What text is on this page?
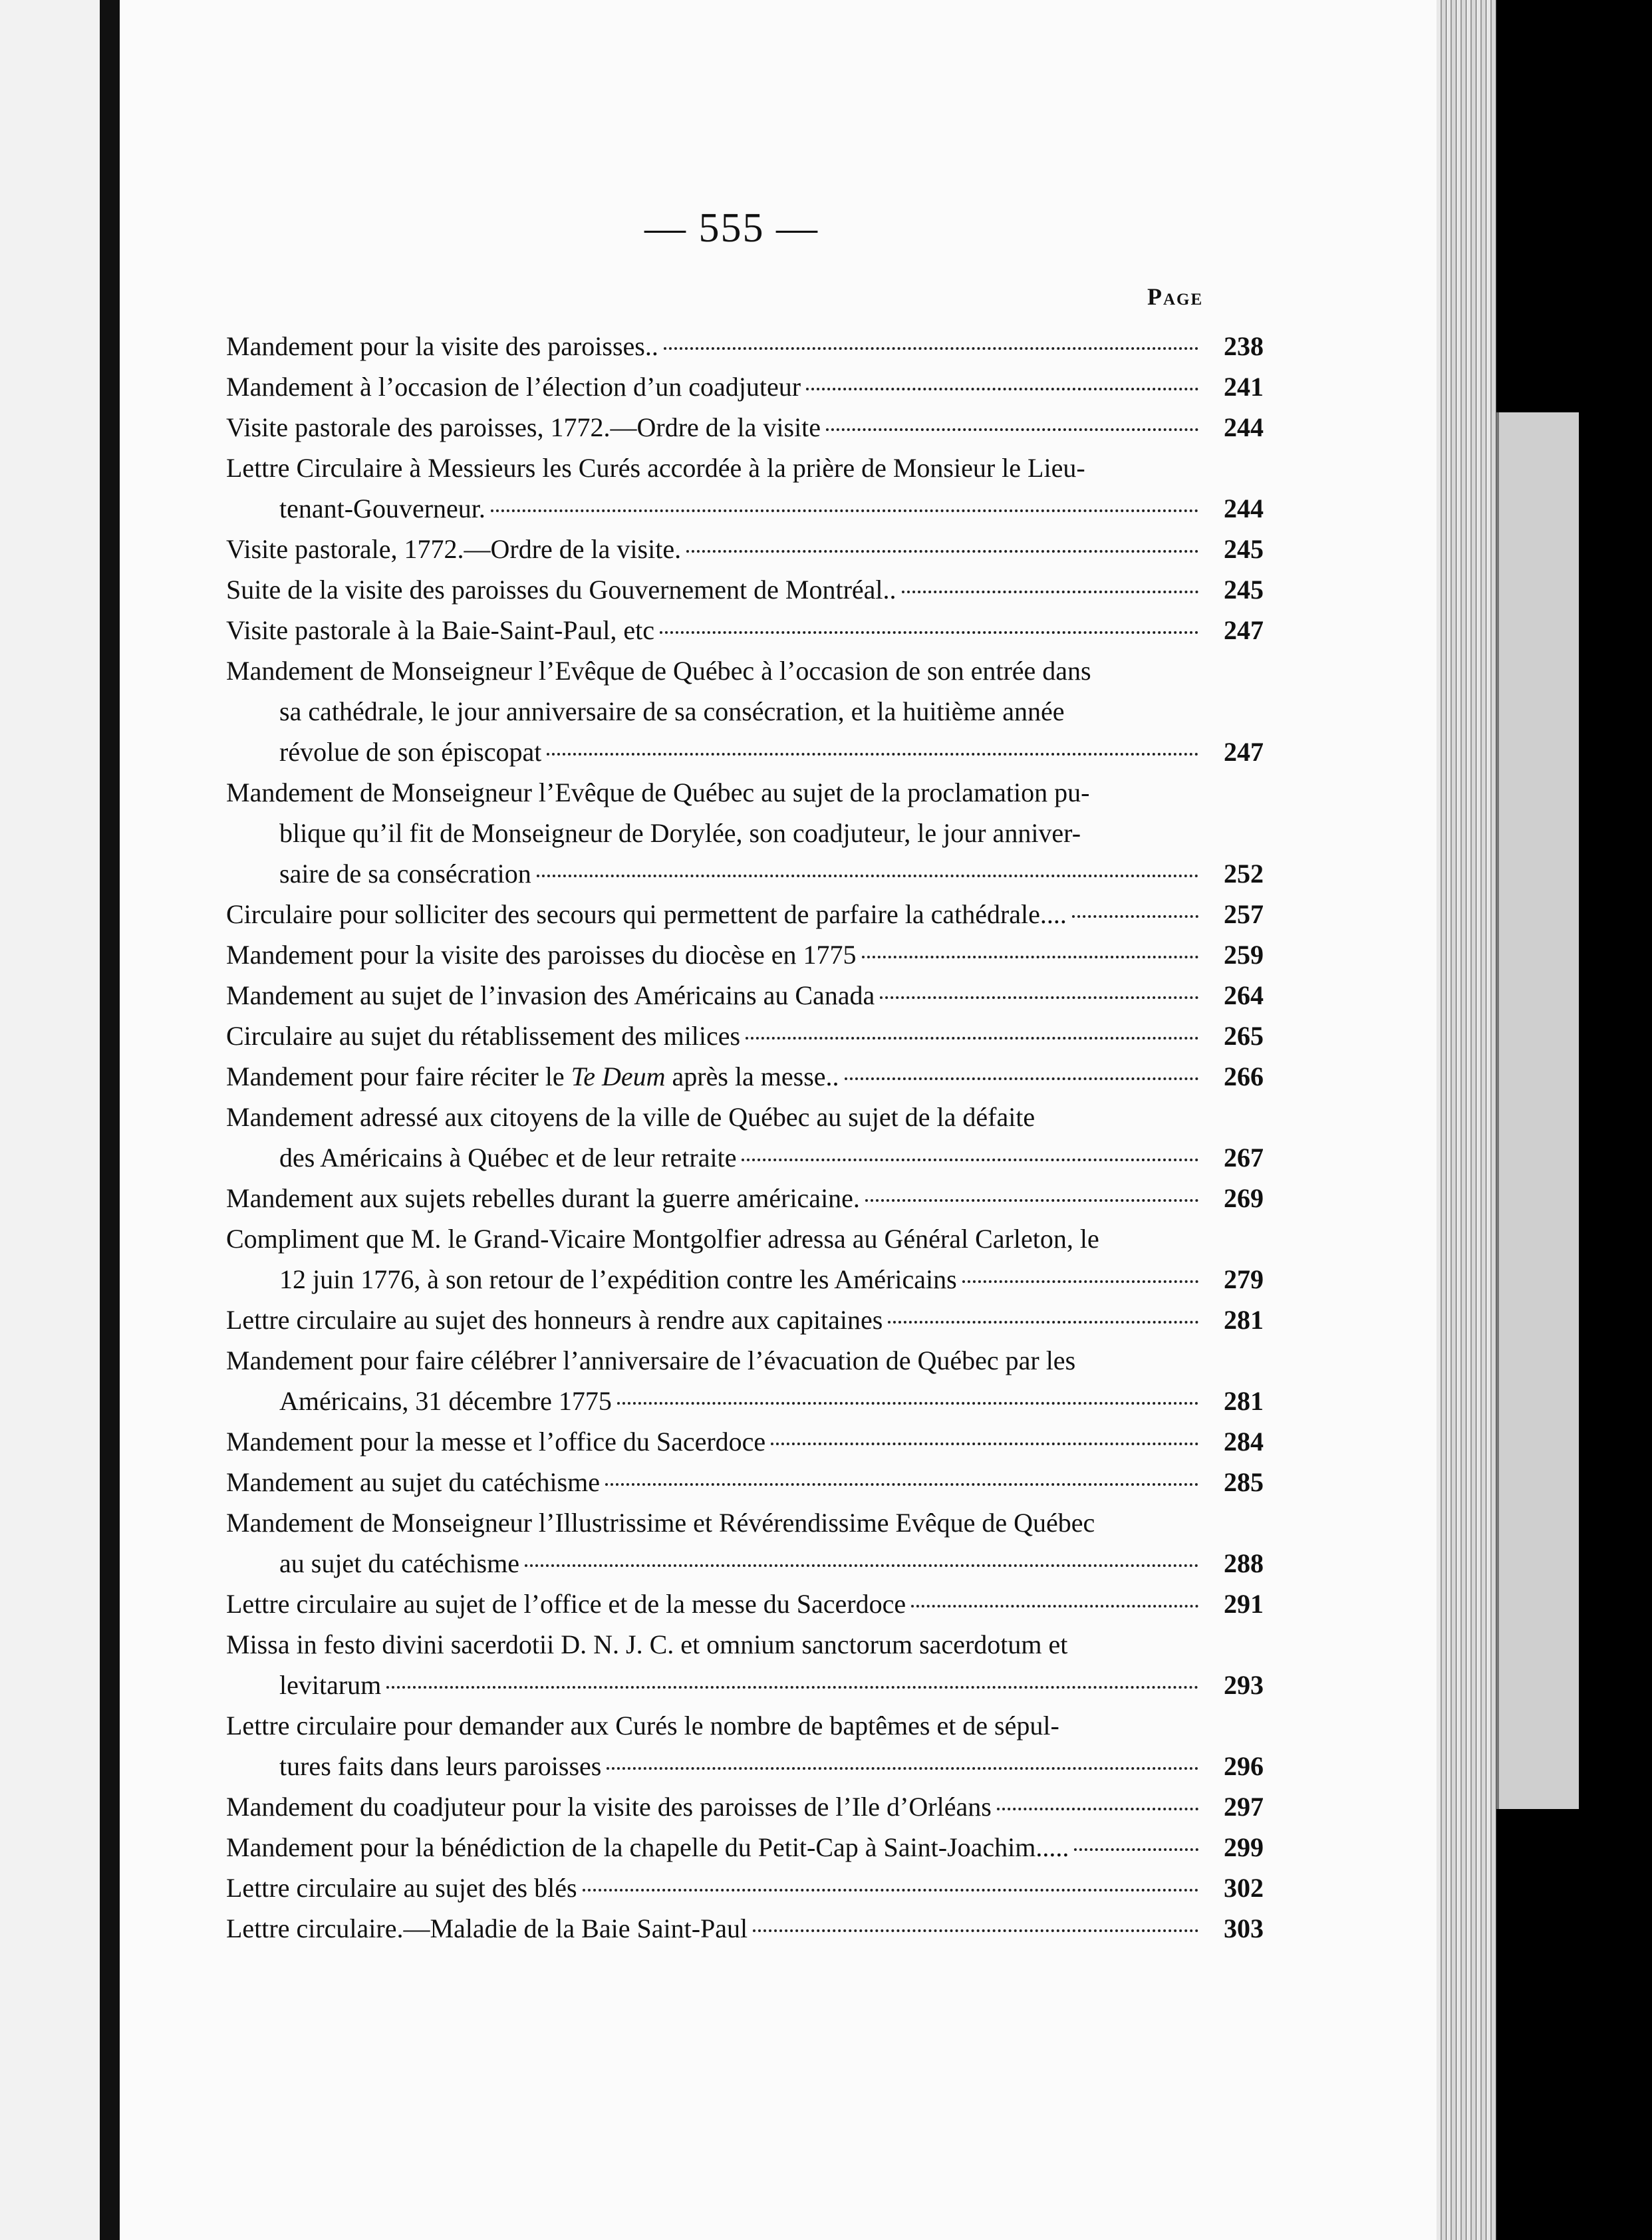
— 555 —
Page
Mandement pour la visite des paroisses..	238
Mandement à l’occasion de l’élection d’un coadjuteur	241
Visite pastorale des paroisses, 1772.—Ordre de la visite	244
Lettre Circulaire à Messieurs les Curés accordée à la prière de Monsieur le Lieu-
tenant-Gouverneur.	244
Visite pastorale, 1772.—Ordre de la visite.	245
Suite de la visite des paroisses du Gouvernement de Montréal..	245
Visite pastorale à la Baie-Saint-Paul, etc	247
Mandement de Monseigneur l’Evêque de Québec à l’occasion de son entrée dans
sa cathédrale, le jour anniversaire de sa consécration, et la huitième année
révolue de son épiscopat	247
Mandement de Monseigneur l’Evêque de Québec au sujet de la proclamation pu-
blique qu’il fit de Monseigneur de Dorylée, son coadjuteur, le jour anniver-
saire de sa consécration	252
Circulaire pour solliciter des secours qui permettent de parfaire la cathédrale....	257
Mandement pour la visite des paroisses du diocèse en 1775	259
Mandement au sujet de l’invasion des Américains au Canada	264
Circulaire au sujet du rétablissement des milices	265
Mandement pour faire réciter le Te Deum après la messe..	266
Mandement adressé aux citoyens de la ville de Québec au sujet de la défaite
des Américains à Québec et de leur retraite	267
Mandement aux sujets rebelles durant la guerre américaine.	269
Compliment que M. le Grand-Vicaire Montgolfier adressa au Général Carleton, le
12 juin 1776, à son retour de l’expédition contre les Américains	279
Lettre circulaire au sujet des honneurs à rendre aux capitaines	281
Mandement pour faire célébrer l’anniversaire de l’évacuation de Québec par les
Américains, 31 décembre 1775	281
Mandement pour la messe et l’office du Sacerdoce	284
Mandement au sujet du catéchisme	285
Mandement de Monseigneur l’Illustrissime et Révérendissime Evêque de Québec
au sujet du catéchisme	288
Lettre circulaire au sujet de l’office et de la messe du Sacerdoce	291
Missa in festo divini sacerdotii D. N. J. C. et omnium sanctorum sacerdotum et
levitarum	293
Lettre circulaire pour demander aux Curés le nombre de baptêmes et de sépul-
tures faits dans leurs paroisses	296
Mandement du coadjuteur pour la visite des paroisses de l’Ile d’Orléans	297
Mandement pour la bénédiction de la chapelle du Petit-Cap à Saint-Joachim.....	299
Lettre circulaire au sujet des blés	302
Lettre circulaire.—Maladie de la Baie Saint-Paul	303
